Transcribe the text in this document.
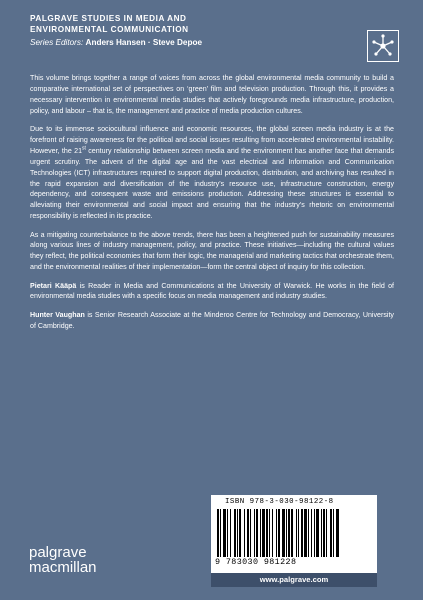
PALGRAVE STUDIES IN MEDIA AND
ENVIRONMENTAL COMMUNICATION
Series Editors: Anders Hansen · Steve Depoe

This volume brings together a range of voices from across the global environmental media community to build a comparative international set of perspectives on ‘green’ film and television production. Through this, it provides a necessary intervention in environmental media studies that actively foregrounds media infrastructure, production, policy, and labour – that is, the management and practice of media production cultures.

Due to its immense sociocultural influence and economic resources, the global screen media industry is at the forefront of raising awareness for the political and social issues resulting from accelerated environmental instability. However, the 21st century relationship between screen media and the environment has another face that demands urgent scrutiny. The advent of the digital age and the vast electrical and Information and Communication Technologies (ICT) infrastructures required to support digital production, distribution, and archiving has resulted in the rapid expansion and diversification of the industry’s resource use, infrastructure construction, energy dependency, and consequent waste and emissions production. Addressing these structures is essential to alleviating their environmental and social impact and ensuring that the industry’s rhetoric on environmental responsibility is reflected in its practice.

As a mitigating counterbalance to the above trends, there has been a heightened push for sustainability measures along various lines of industry management, policy, and practice. These initiatives—including the cultural values they reflect, the political economies that form their logic, the managerial and marketing tactics that orchestrate them, and the environmental realities of their implementation—form the central object of inquiry for this collection.

Pietari Kääpä is Reader in Media and Communications at the University of Warwick. He works in the field of environmental media studies with a specific focus on media management and industry studies.

Hunter Vaughan is Senior Research Associate at the Minderoo Centre for Technology and Democracy, University of Cambridge.

ISBN 978-3-030-98122-8
9 783030 981228
www.palgrave.com
palgrave
macmillan
